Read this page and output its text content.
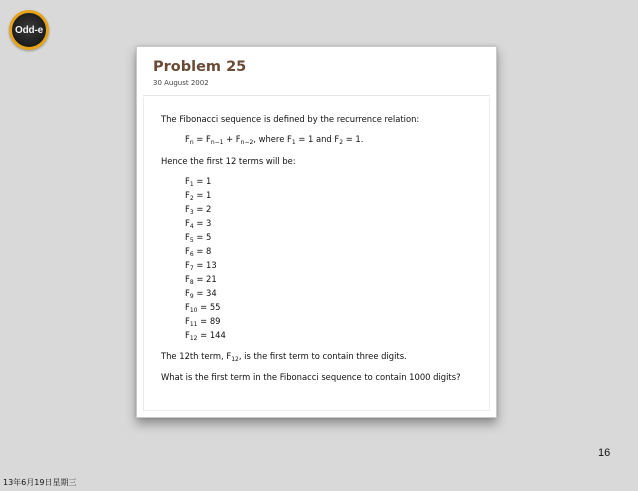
Odd-e
Problem 25
30 August 2002
The Fibonacci sequence is defined by the recurrence relation:
$F_n = F_{n-1} + F_{n-2}$, where $F_1 = 1$ and $F_2 = 1$.
Hence the first 12 terms will be:
$F_1 = 1$
$F_2 = 1$
$F_3 = 2$
$F_4 = 3$
$F_5 = 5$
$F_6 = 8$
$F_7 = 13$
$F_8 = 21$
$F_9 = 34$
$F_{10} = 55$
$F_{11} = 89$
$F_{12} = 144$
The 12th term, $F_{12}$, is the first term to contain three digits.
What is the first term in the Fibonacci sequence to contain 1000 digits?
16
13年6月19日星期三
